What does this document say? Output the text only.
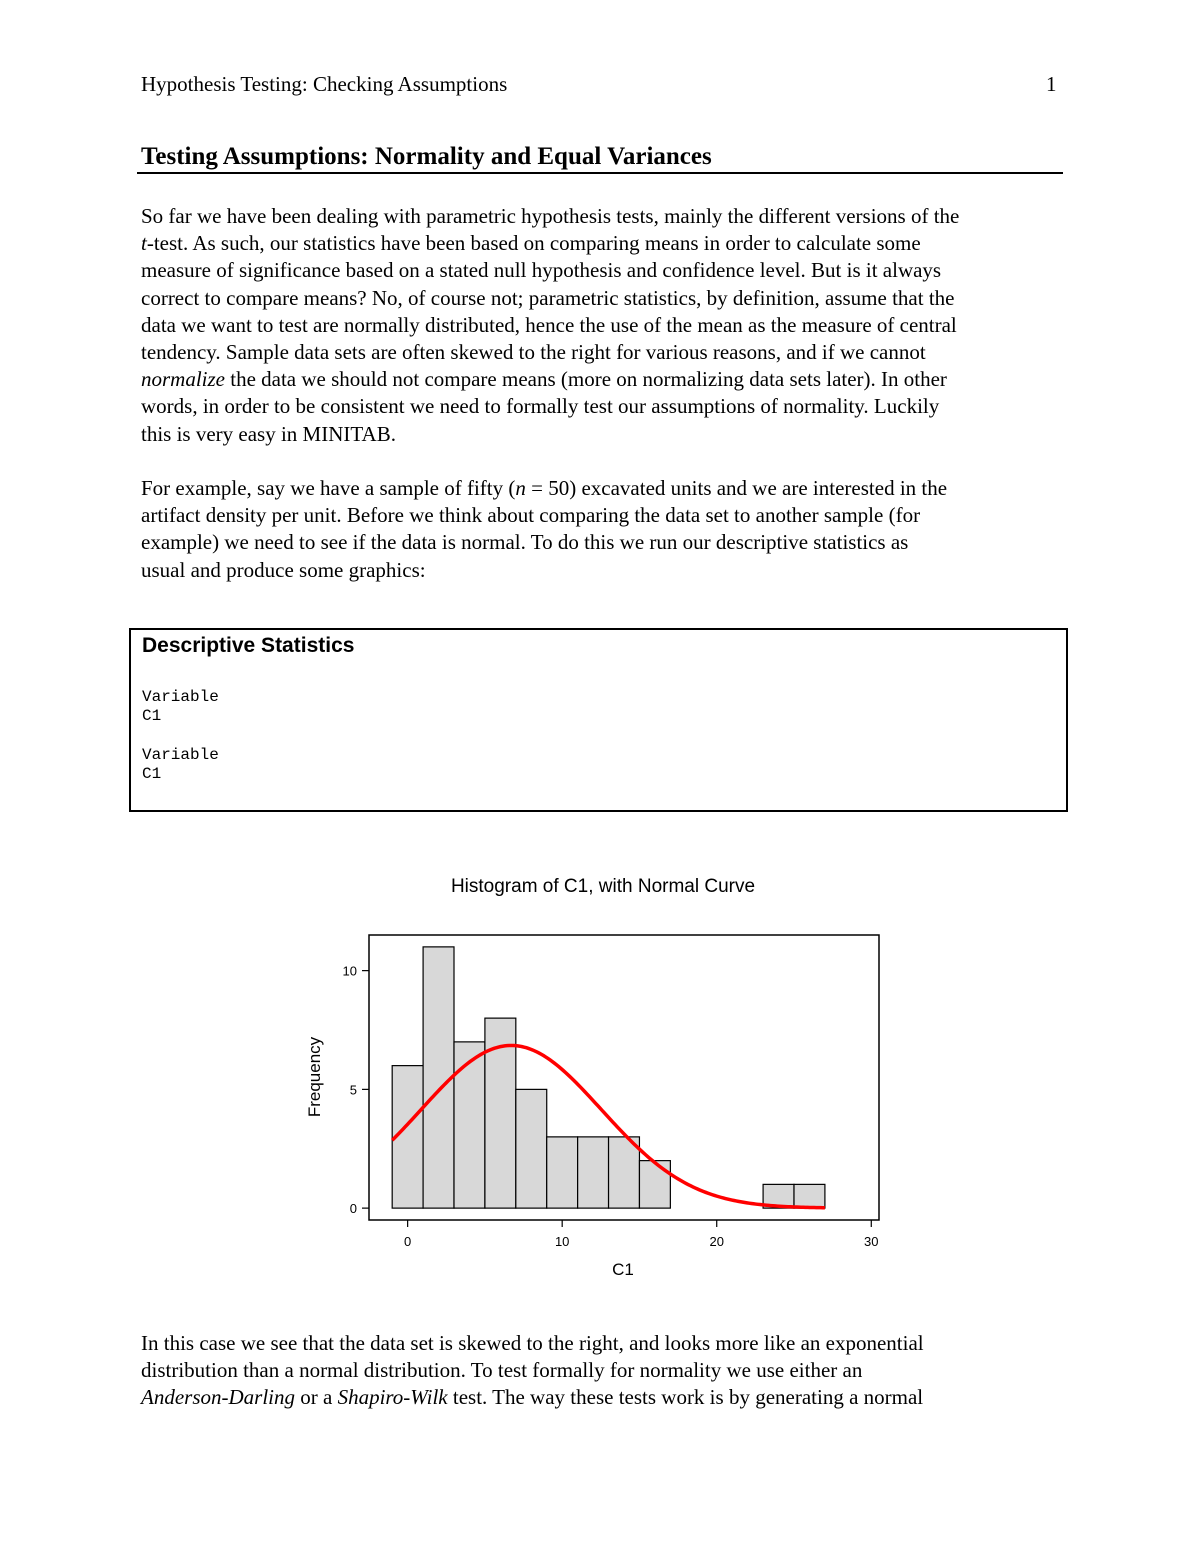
Hypothesis Testing: Checking Assumptions	1
Testing Assumptions: Normality and Equal Variances

So far we have been dealing with parametric hypothesis tests, mainly the different versions of the
t-test. As such, our statistics have been based on comparing means in order to calculate some
measure of significance based on a stated null hypothesis and confidence level. But is it always
correct to compare means? No, of course not; parametric statistics, by definition, assume that the
data we want to test are normally distributed, hence the use of the mean as the measure of central
tendency. Sample data sets are often skewed to the right for various reasons, and if we cannot
normalize the data we should not compare means (more on normalizing data sets later). In other
words, in order to be consistent we need to formally test our assumptions of normality. Luckily
this is very easy in MINITAB.

For example, say we have a sample of fifty (n = 50) excavated units and we are interested in the
artifact density per unit. Before we think about comparing the data set to another sample (for
example) we need to see if the data is normal. To do this we run our descriptive statistics as
usual and produce some graphics:

Descriptive Statistics
Variable
C1
Variable
C1
Histogram of C1, with Normal Curve
0	10	20	30
0
5
10
C1
Frequency

In this case we see that the data set is skewed to the right, and looks more like an exponential
distribution than a normal distribution. To test formally for normality we use either an
Anderson-Darling or a Shapiro-Wilk test. The way these tests work is by generating a normal
